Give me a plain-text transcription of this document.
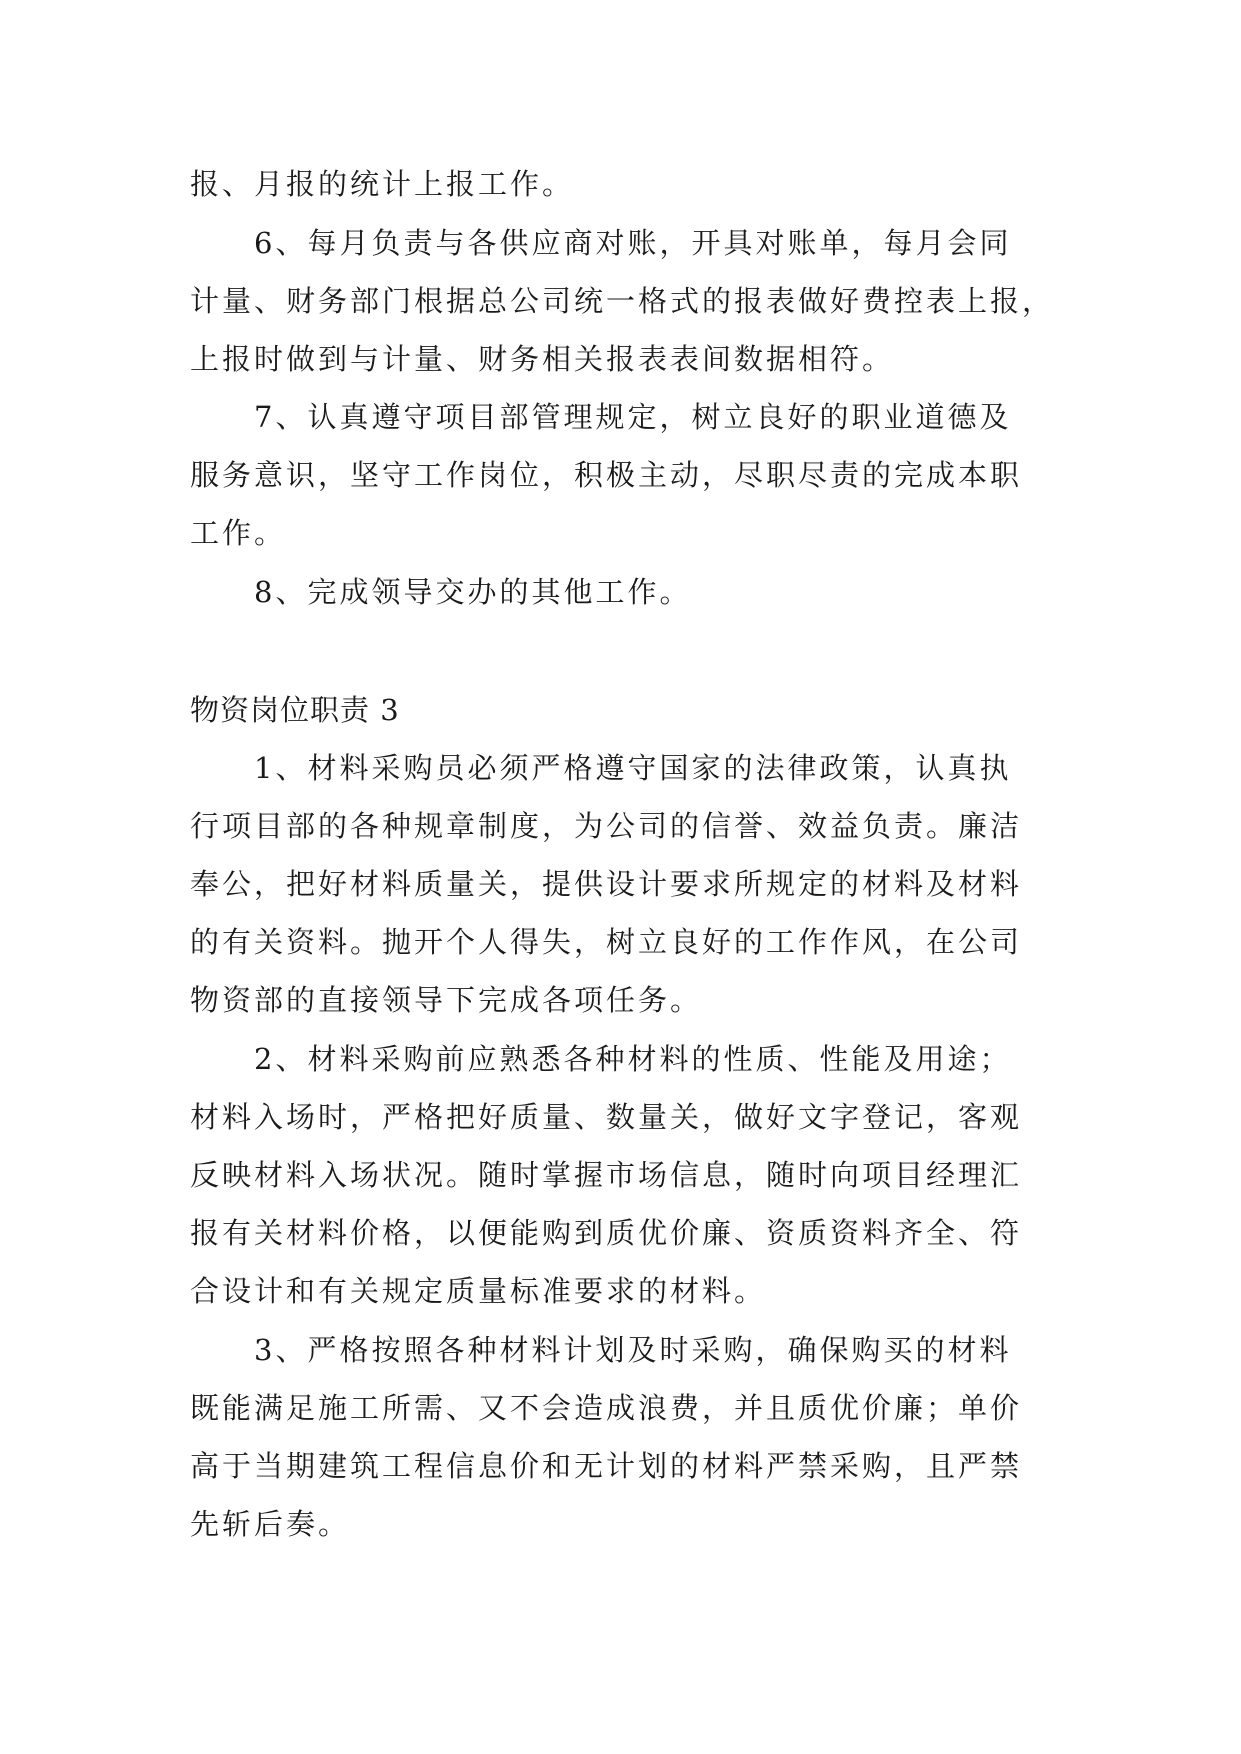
报、月报的统计上报工作。
6、每月负责与各供应商对账，开具对账单，每月会同
计量、财务部门根据总公司统一格式的报表做好费控表上报，
上报时做到与计量、财务相关报表表间数据相符。
7、认真遵守项目部管理规定，树立良好的职业道德及
服务意识，坚守工作岗位，积极主动，尽职尽责的完成本职
工作。
8、完成领导交办的其他工作。
物资岗位职责 3
1、材料采购员必须严格遵守国家的法律政策，认真执
行项目部的各种规章制度，为公司的信誉、效益负责。廉洁
奉公，把好材料质量关，提供设计要求所规定的材料及材料
的有关资料。抛开个人得失，树立良好的工作作风，在公司
物资部的直接领导下完成各项任务。
2、材料采购前应熟悉各种材料的性质、性能及用途；
材料入场时，严格把好质量、数量关，做好文字登记，客观
反映材料入场状况。随时掌握市场信息，随时向项目经理汇
报有关材料价格，以便能购到质优价廉、资质资料齐全、符
合设计和有关规定质量标准要求的材料。
3、严格按照各种材料计划及时采购，确保购买的材料
既能满足施工所需、又不会造成浪费，并且质优价廉；单价
高于当期建筑工程信息价和无计划的材料严禁采购，且严禁
先斩后奏。
